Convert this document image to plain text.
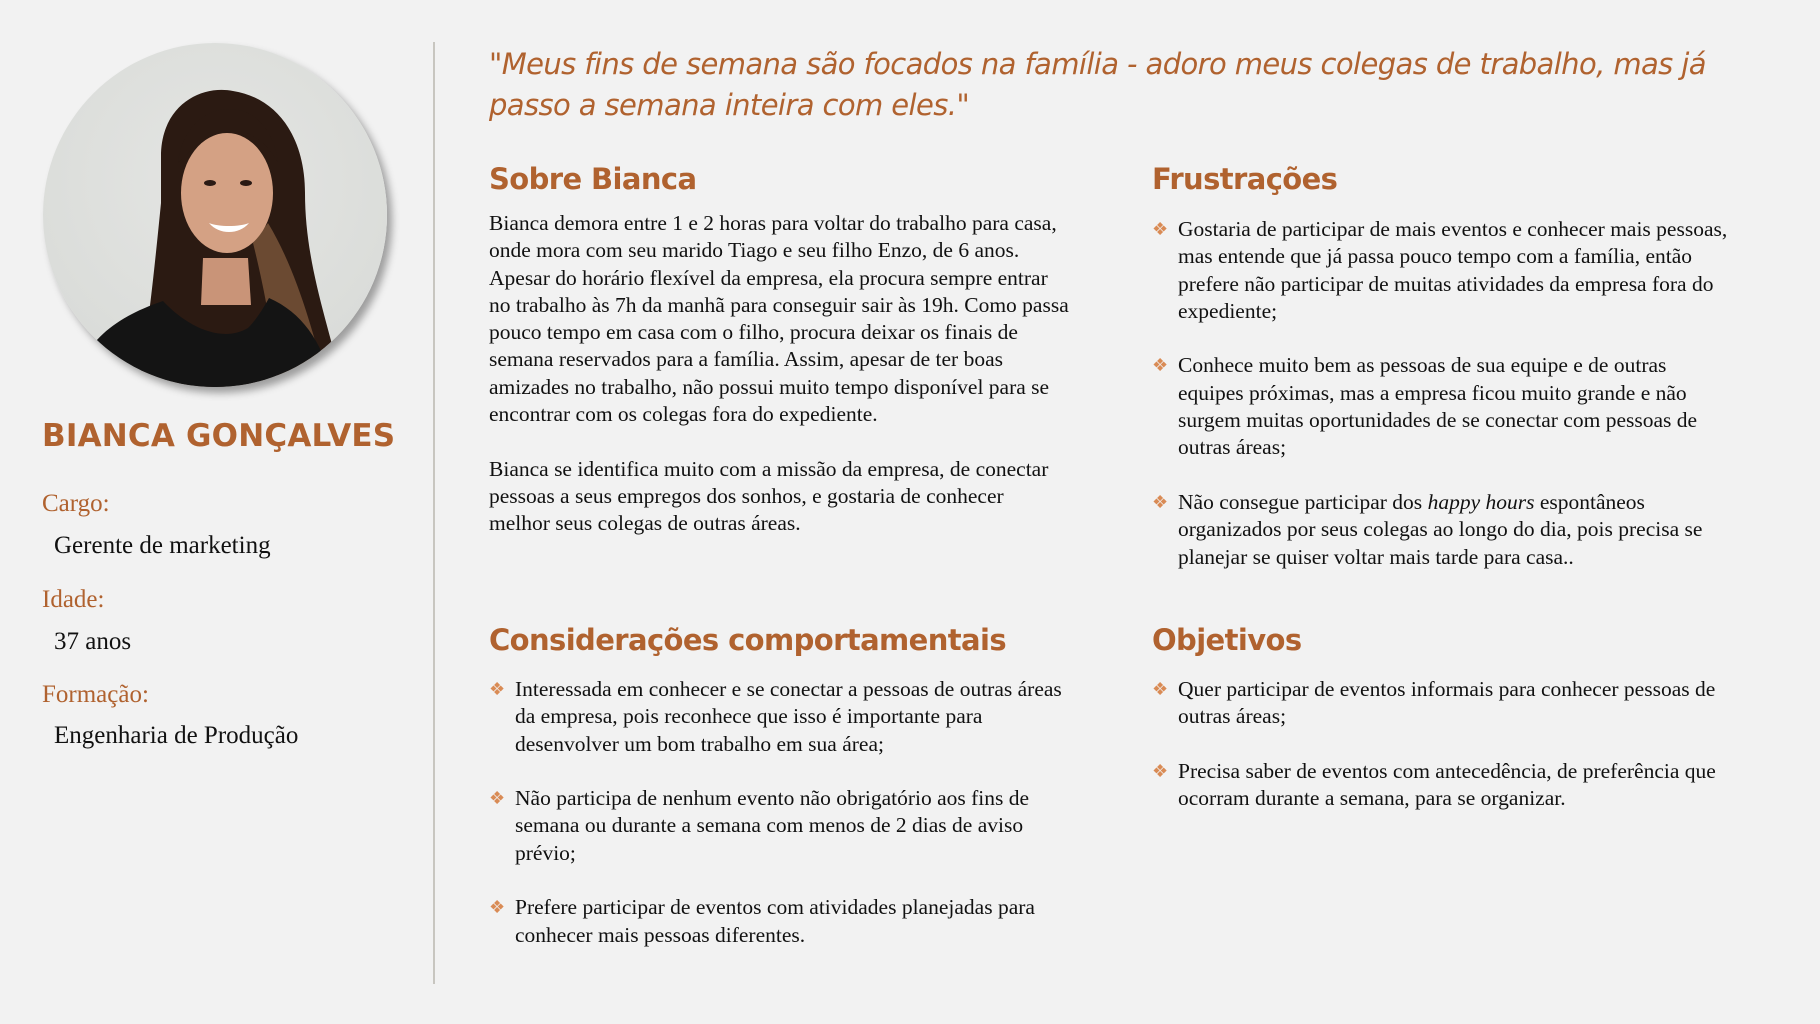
BIANCA GONÇALVES
Cargo:
Gerente de marketing
Idade:
37 anos
Formação:
Engenharia de Produção
"Meus fins de semana são focados na família - adoro meus colegas de trabalho, mas já passo a semana inteira com eles."
Sobre Bianca

Bianca demora entre 1 e 2 horas para voltar do trabalho para casa, onde mora com seu marido Tiago e seu filho Enzo, de 6 anos. Apesar do horário flexível da empresa, ela procura sempre entrar no trabalho às 7h da manhã para conseguir sair às 19h. Como passa pouco tempo em casa com o filho, procura deixar os finais de semana reservados para a família. Assim, apesar de ter boas amizades no trabalho, não possui muito tempo disponível para se encontrar com os colegas fora do expediente.

Bianca se identifica muito com a missão da empresa, de conectar pessoas a seus empregos dos sonhos, e gostaria de conhecer melhor seus colegas de outras áreas.

Frustrações
❖ Gostaria de participar de mais eventos e conhecer mais pessoas, mas entende que já passa pouco tempo com a família, então prefere não participar de muitas atividades da empresa fora do expediente;
❖ Conhece muito bem as pessoas de sua equipe e de outras equipes próximas, mas a empresa ficou muito grande e não surgem muitas oportunidades de se conectar com pessoas de outras áreas;
❖ Não consegue participar dos happy hours espontâneos organizados por seus colegas ao longo do dia, pois precisa se planejar se quiser voltar mais tarde para casa..
Considerações comportamentais
❖ Interessada em conhecer e se conectar a pessoas de outras áreas da empresa, pois reconhece que isso é importante para desenvolver um bom trabalho em sua área;
❖ Não participa de nenhum evento não obrigatório aos fins de semana ou durante a semana com menos de 2 dias de aviso prévio;
❖ Prefere participar de eventos com atividades planejadas para conhecer mais pessoas diferentes.
Objetivos
❖ Quer participar de eventos informais para conhecer pessoas de outras áreas;
❖ Precisa saber de eventos com antecedência, de preferência que ocorram durante a semana, para se organizar.
